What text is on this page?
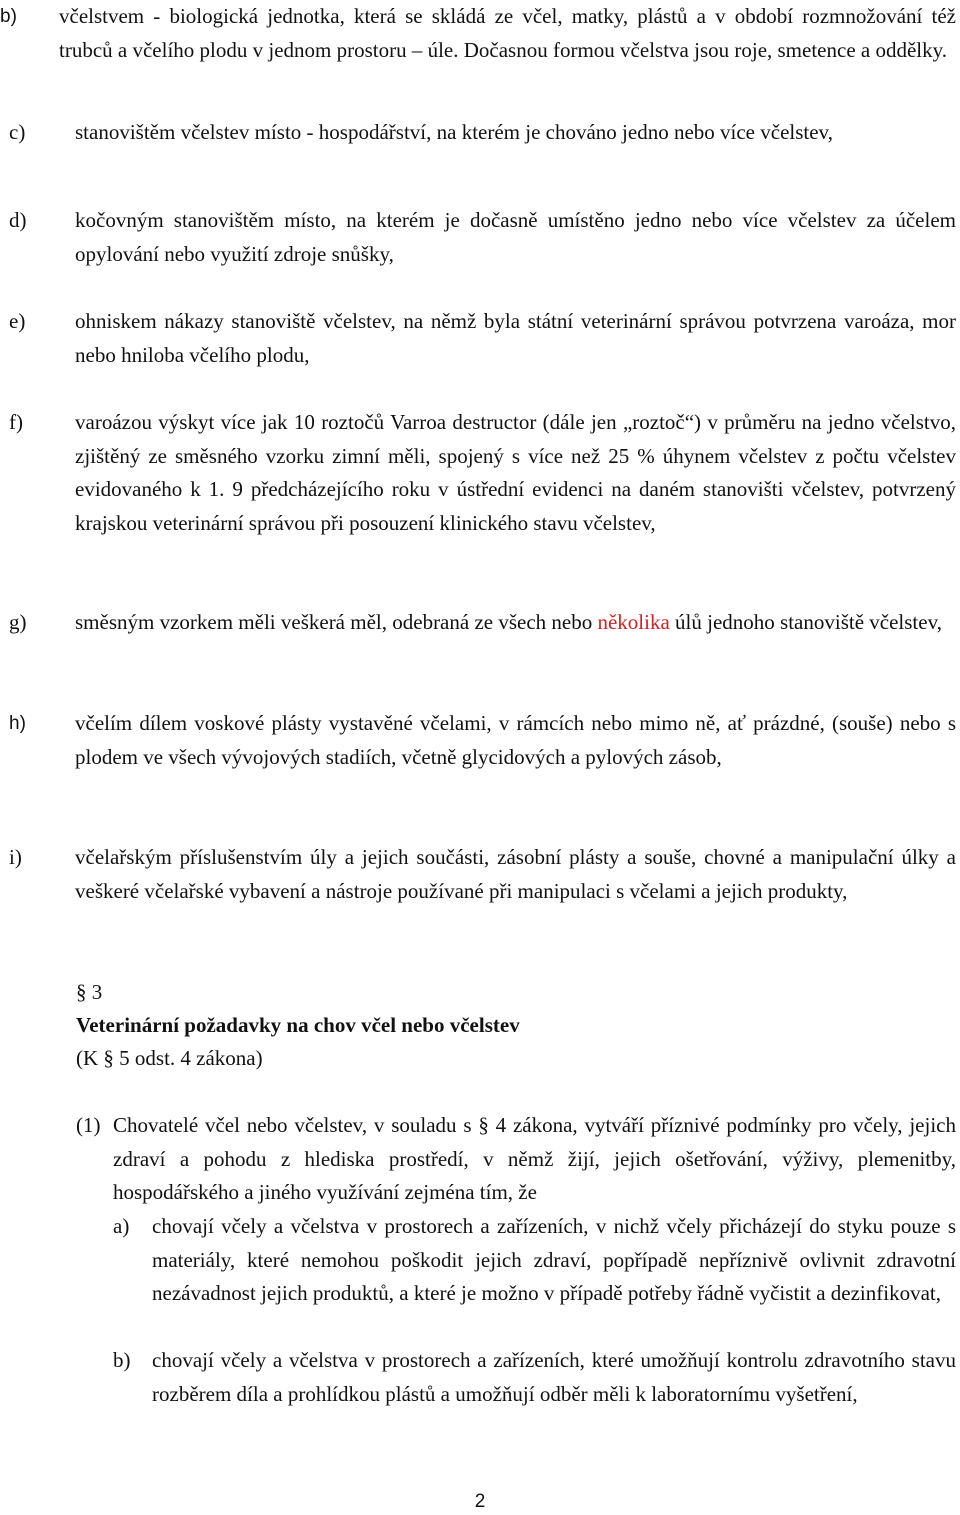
b) včelstvem - biologická jednotka, která se skládá ze včel, matky, plástů a v období rozmnožování též trubců a včelího plodu v jednom prostoru – úle. Dočasnou formou včelstva jsou roje, smetence a oddělky.
c) stanovištěm včelstev místo - hospodářství, na kterém je chováno jedno nebo více včelstev,
d) kočovným stanovištěm místo, na kterém je dočasně umístěno jedno nebo více včelstev za účelem opylování nebo využití zdroje snůšky,
e) ohniskem nákazy stanoviště včelstev, na němž byla státní veterinární správou potvrzena varoáza, mor nebo hniloba včelího plodu,
f) varoázou výskyt více jak 10 roztočů Varroa destructor (dále jen „roztoč“) v průměru na jedno včelstvo, zjištěný ze směsného vzorku zimní měli, spojený s více než 25 % úhynem včelstev z počtu včelstev evidovaného k 1. 9 předcházejícího roku v ústřední evidenci na daném stanovišti včelstev, potvrzený krajskou veterinární správou při posouzení klinického stavu včelstev,
g) směsným vzorkem měli veškerá měl, odebraná ze všech nebo několika úlů jednoho stanoviště včelstev,
h) včelím dílem voskové plásty vystavěné včelami, v rámcích nebo mimo ně, ať prázdné, (souše) nebo s plodem ve všech vývojových stadiích, včetně glycidových a pylových zásob,
i)	včelařským příslušenstvím úly a jejich součásti, zásobní plásty a souše, chovné a manipulační úlky a veškeré včelařské vybavení a nástroje používané při manipulaci s včelami a jejich produkty,
§ 3
Veterinární požadavky na chov včel nebo včelstev
(K § 5 odst. 4 zákona)
(1) Chovatelé včel nebo včelstev, v souladu s § 4 zákona, vytváří příznivé podmínky pro včely, jejich zdraví a pohodu z hlediska prostředí, v němž žijí, jejich ošetřování, výživy, plemenitby, hospodářského a jiného využívání zejména tím, že
a) chovají včely a včelstva v prostorech a zařízeních, v nichž včely přicházejí do styku pouze s materiály, které nemohou poškodit jejich zdraví, popřípadě nepříznivě ovlivnit zdravotní nezávadnost jejich produktů, a které je možno v případě potřeby řádně vyčistit a dezinfikovat,
b) chovají včely a včelstva v prostorech a zařízeních, které umožňují kontrolu zdravotního stavu rozběrem díla a prohlídkou plástů a umožňují odběr měli k laboratornímu vyšetření,
2
